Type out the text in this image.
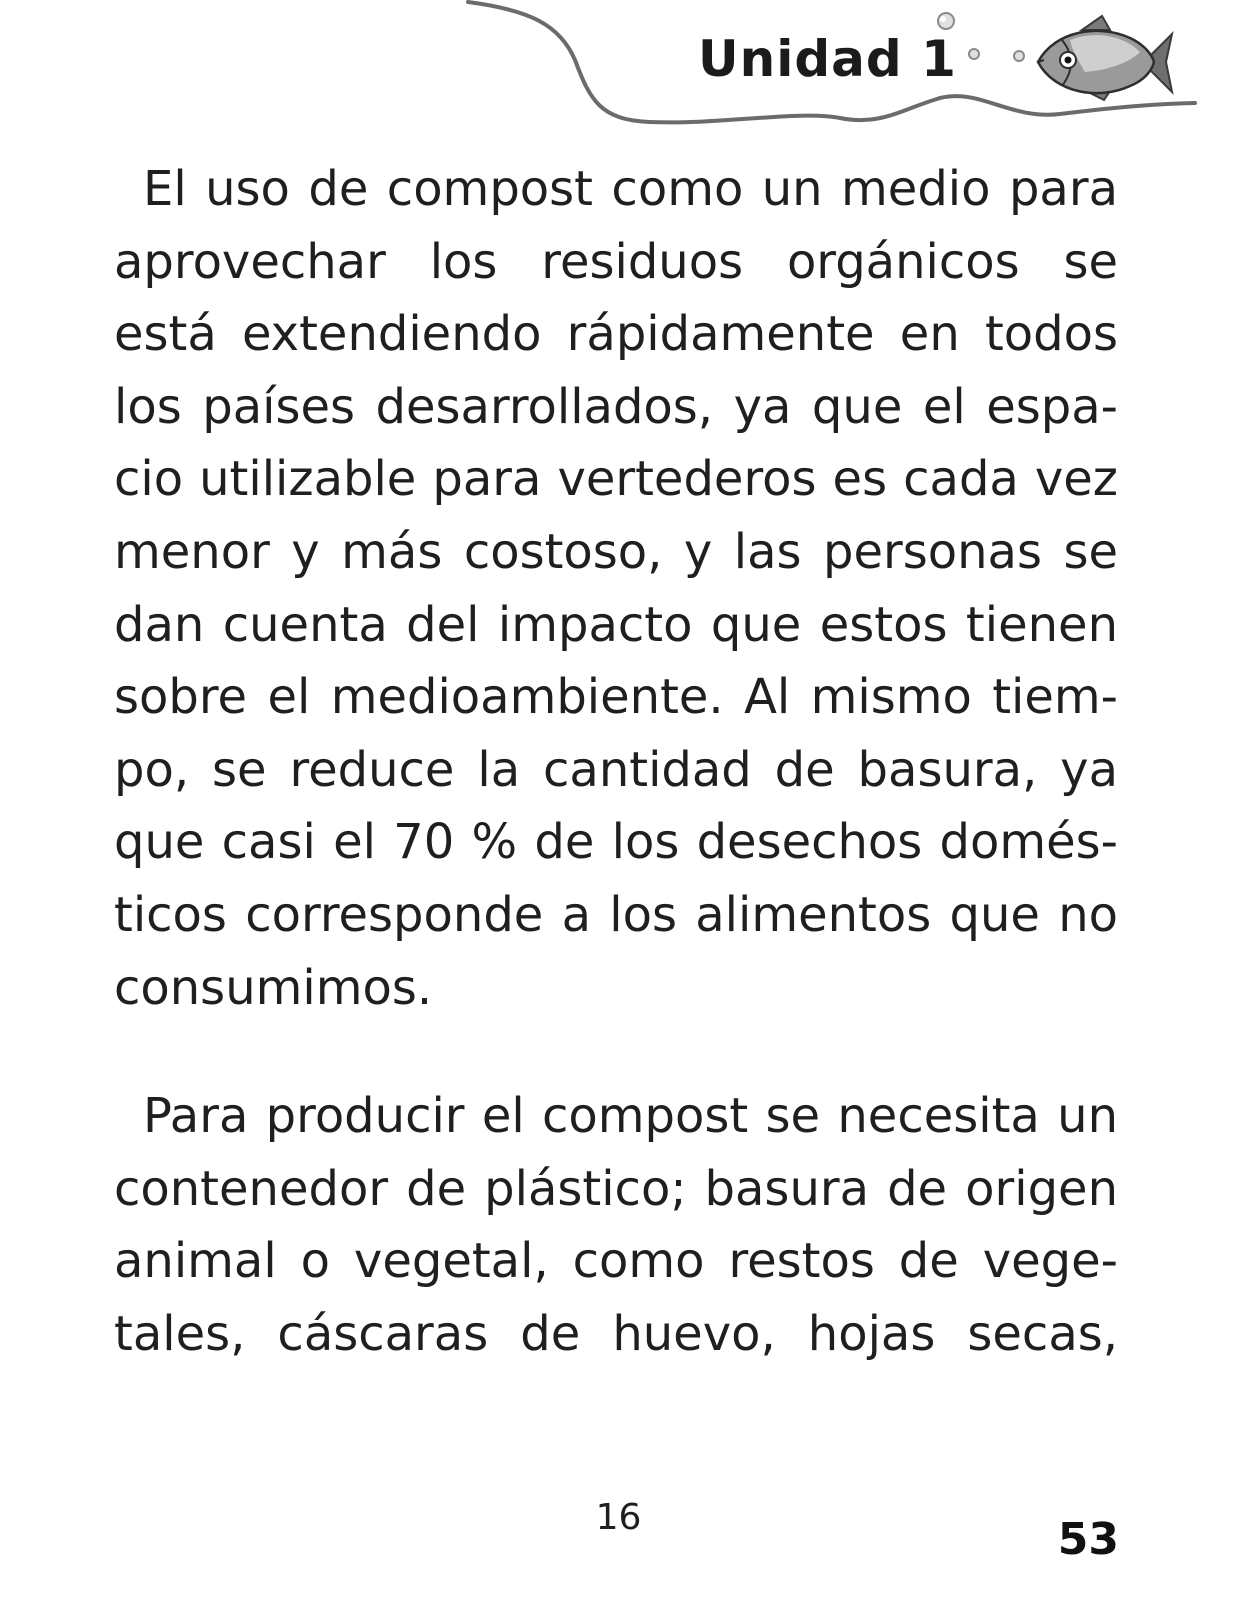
Unidad 1
El uso de compost como un medio para
aprovechar los residuos orgánicos se
está extendiendo rápidamente en todos
los países desarrollados, ya que el espa-
cio utilizable para vertederos es cada vez
menor y más costoso, y las personas se
dan cuenta del impacto que estos tienen
sobre el medioambiente. Al mismo tiem-
po, se reduce la cantidad de basura, ya
que casi el 70 % de los desechos domés-
ticos corresponde a los alimentos que no
consumimos.
Para producir el compost se necesita un
contenedor de plástico; basura de origen
animal o vegetal, como restos de vege-
tales, cáscaras de huevo, hojas secas,
16	53
